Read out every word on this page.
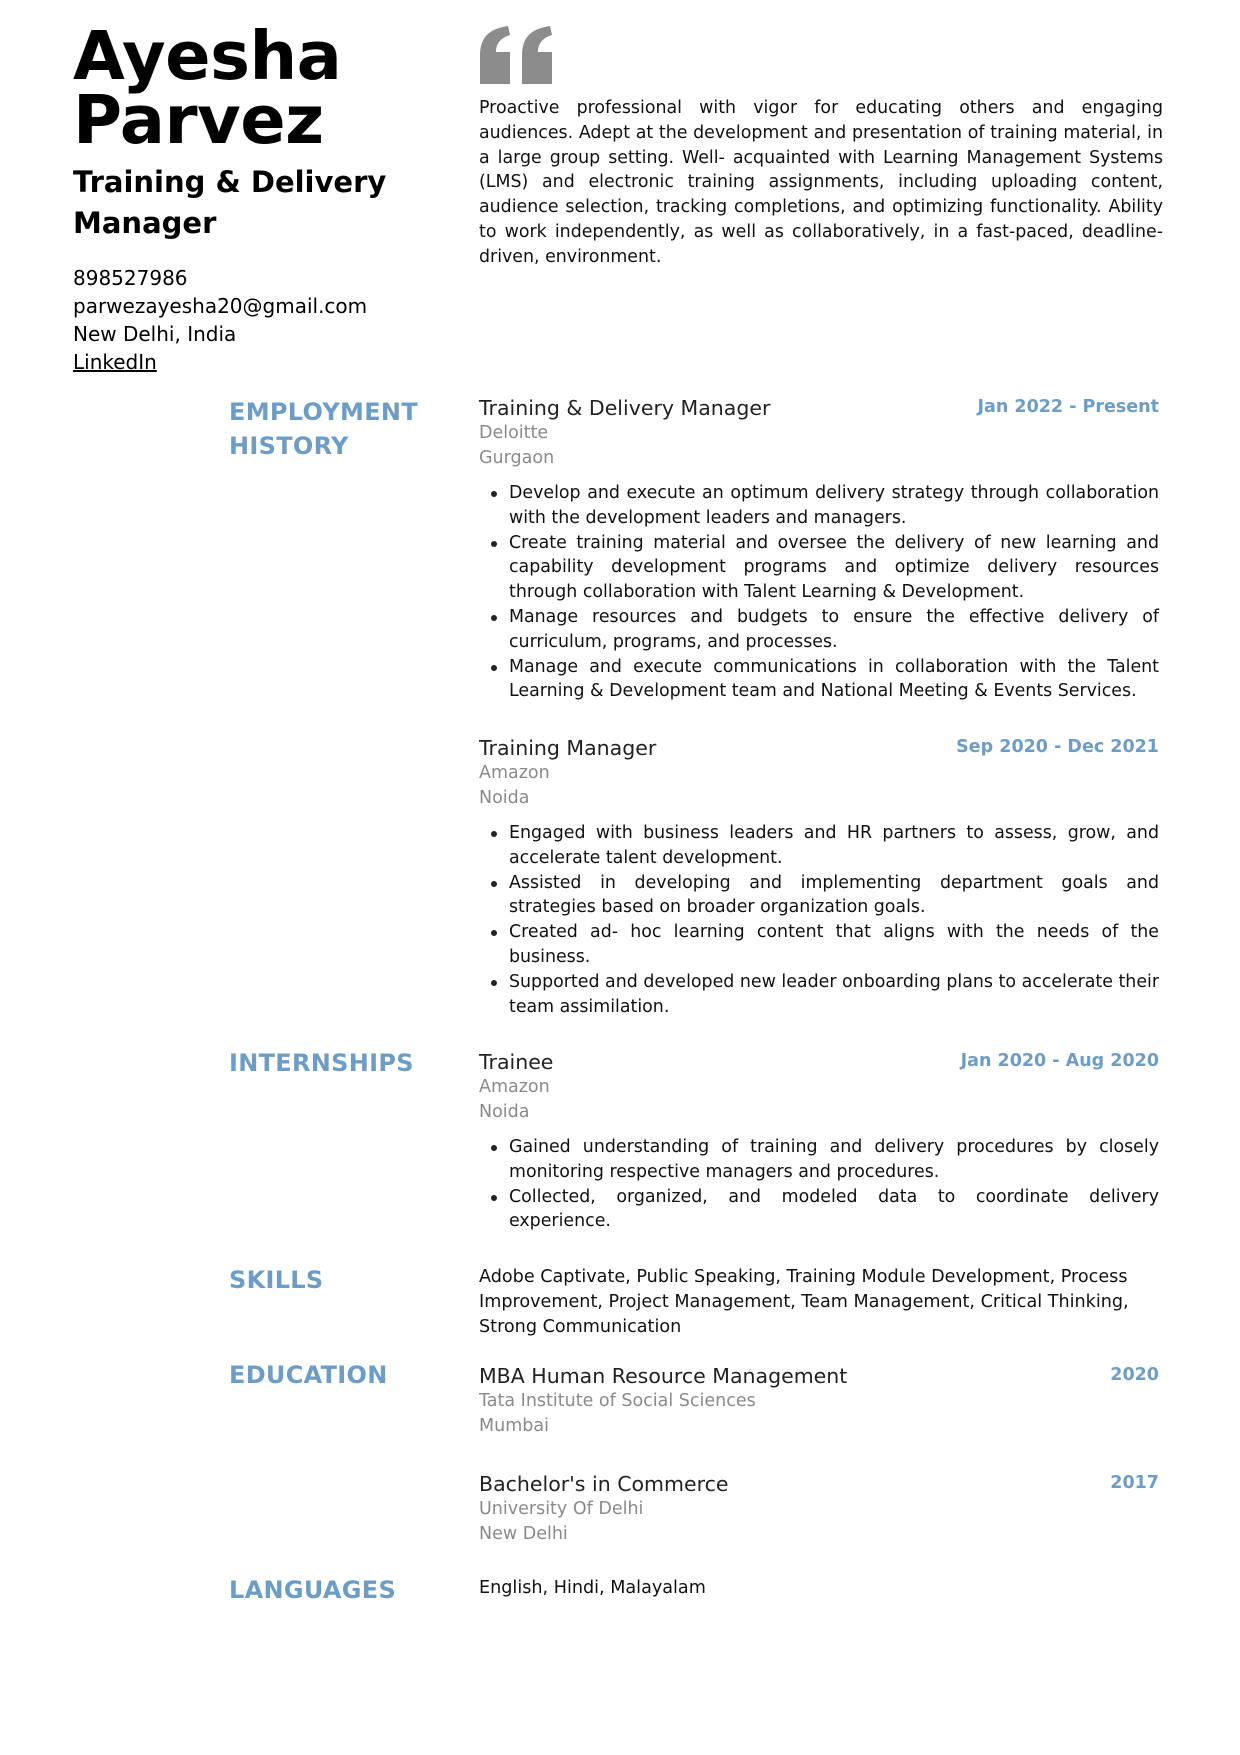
Ayesha
Parvez
Training & Delivery Manager
898527986
parwezayesha20@gmail.com
New Delhi, India
LinkedIn

Proactive professional with vigor for educating others and engaging audiences. Adept at the development and presentation of training material, in a large group setting. Well- acquainted with Learning Management Systems (LMS) and electronic training assignments, including uploading content, audience selection, tracking completions, and optimizing functionality. Ability to work independently, as well as collaboratively, in a fast-paced, deadline-driven, environment.

EMPLOYMENT HISTORY
Training & Delivery Manager	Jan 2022 - Present
Deloitte
Gurgaon
Develop and execute an optimum delivery strategy through collaboration with the development leaders and managers.
Create training material and oversee the delivery of new learning and capability development programs and optimize delivery resources through collaboration with Talent Learning & Development.
Manage resources and budgets to ensure the effective delivery of curriculum, programs, and processes.
Manage and execute communications in collaboration with the Talent Learning & Development team and National Meeting & Events Services.
Training Manager	Sep 2020 - Dec 2021
Amazon
Noida
Engaged with business leaders and HR partners to assess, grow, and accelerate talent development.
Assisted in developing and implementing department goals and strategies based on broader organization goals.
Created ad- hoc learning content that aligns with the needs of the business.
Supported and developed new leader onboarding plans to accelerate their team assimilation.
INTERNSHIPS	Trainee	Jan 2020 - Aug 2020
Amazon
Noida
Gained understanding of training and delivery procedures by closely monitoring respective managers and procedures.
Collected, organized, and modeled data to coordinate delivery experience.
SKILLS	Adobe Captivate, Public Speaking, Training Module Development, Process Improvement, Project Management, Team Management, Critical Thinking, Strong Communication
EDUCATION	MBA Human Resource Management	2020
Tata Institute of Social Sciences
Mumbai
Bachelor's in Commerce	2017
University Of Delhi
New Delhi
LANGUAGES	English, Hindi, Malayalam
